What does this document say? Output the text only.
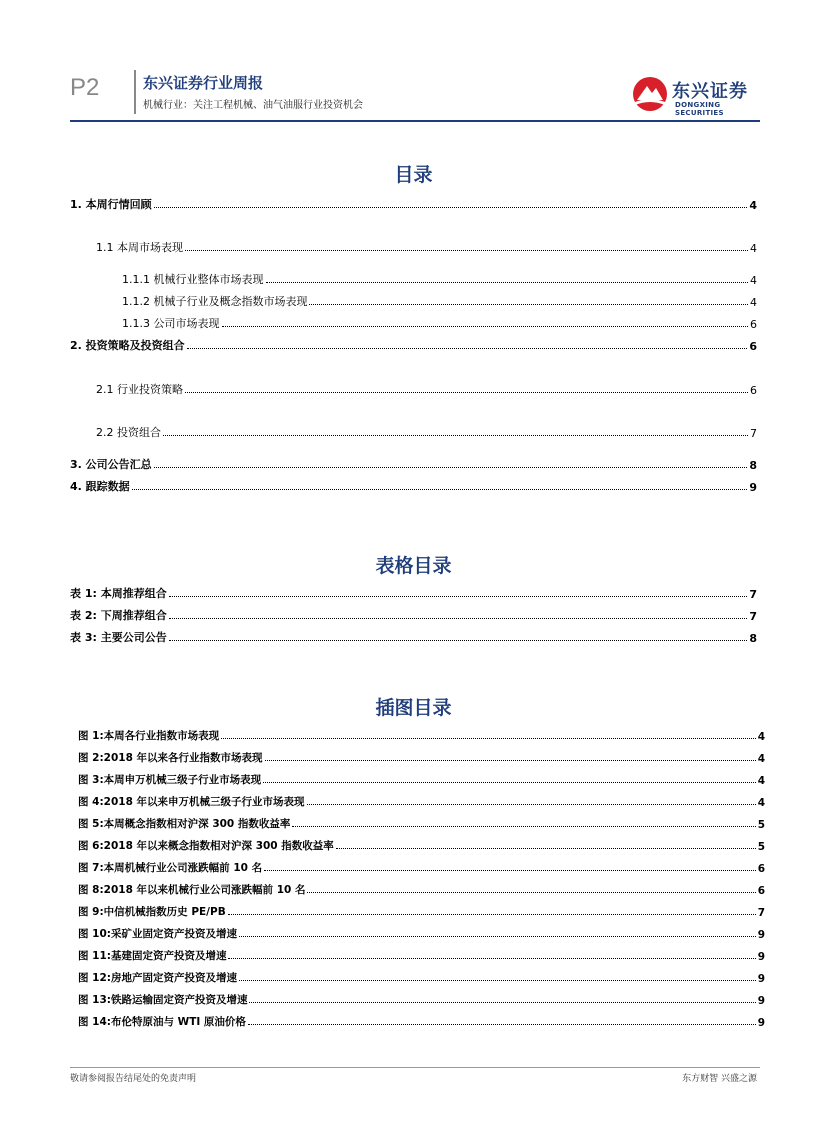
P2	东兴证券行业周报
机械行业：关注工程机械、油气油服行业投资机会
东兴证券
DONGXING SECURITIES
目录
1. 本周行情回顾	4
1.1 本周市场表现	4
1.1.1 机械行业整体市场表现	4
1.1.2 机械子行业及概念指数市场表现	4
1.1.3 公司市场表现	6
2. 投资策略及投资组合	6
2.1 行业投资策略	6
2.2 投资组合	7
3. 公司公告汇总	8
4. 跟踪数据	9
表格目录
表 1: 本周推荐组合	7
表 2: 下周推荐组合	7
表 3: 主要公司公告	8
插图目录
图 1:本周各行业指数市场表现	4
图 2:2018 年以来各行业指数市场表现	4
图 3:本周申万机械三级子行业市场表现	4
图 4:2018 年以来申万机械三级子行业市场表现	4
图 5:本周概念指数相对沪深 300 指数收益率	5
图 6:2018 年以来概念指数相对沪深 300 指数收益率	5
图 7:本周机械行业公司涨跌幅前 10 名	6
图 8:2018 年以来机械行业公司涨跌幅前 10 名	6
图 9:中信机械指数历史 PE/PB	7
图 10:采矿业固定资产投资及增速	9
图 11:基建固定资产投资及增速	9
图 12:房地产固定资产投资及增速	9
图 13:铁路运输固定资产投资及增速	9
图 14:布伦特原油与 WTI 原油价格	9
敬请参阅报告结尾处的免责声明	东方财智 兴盛之源
